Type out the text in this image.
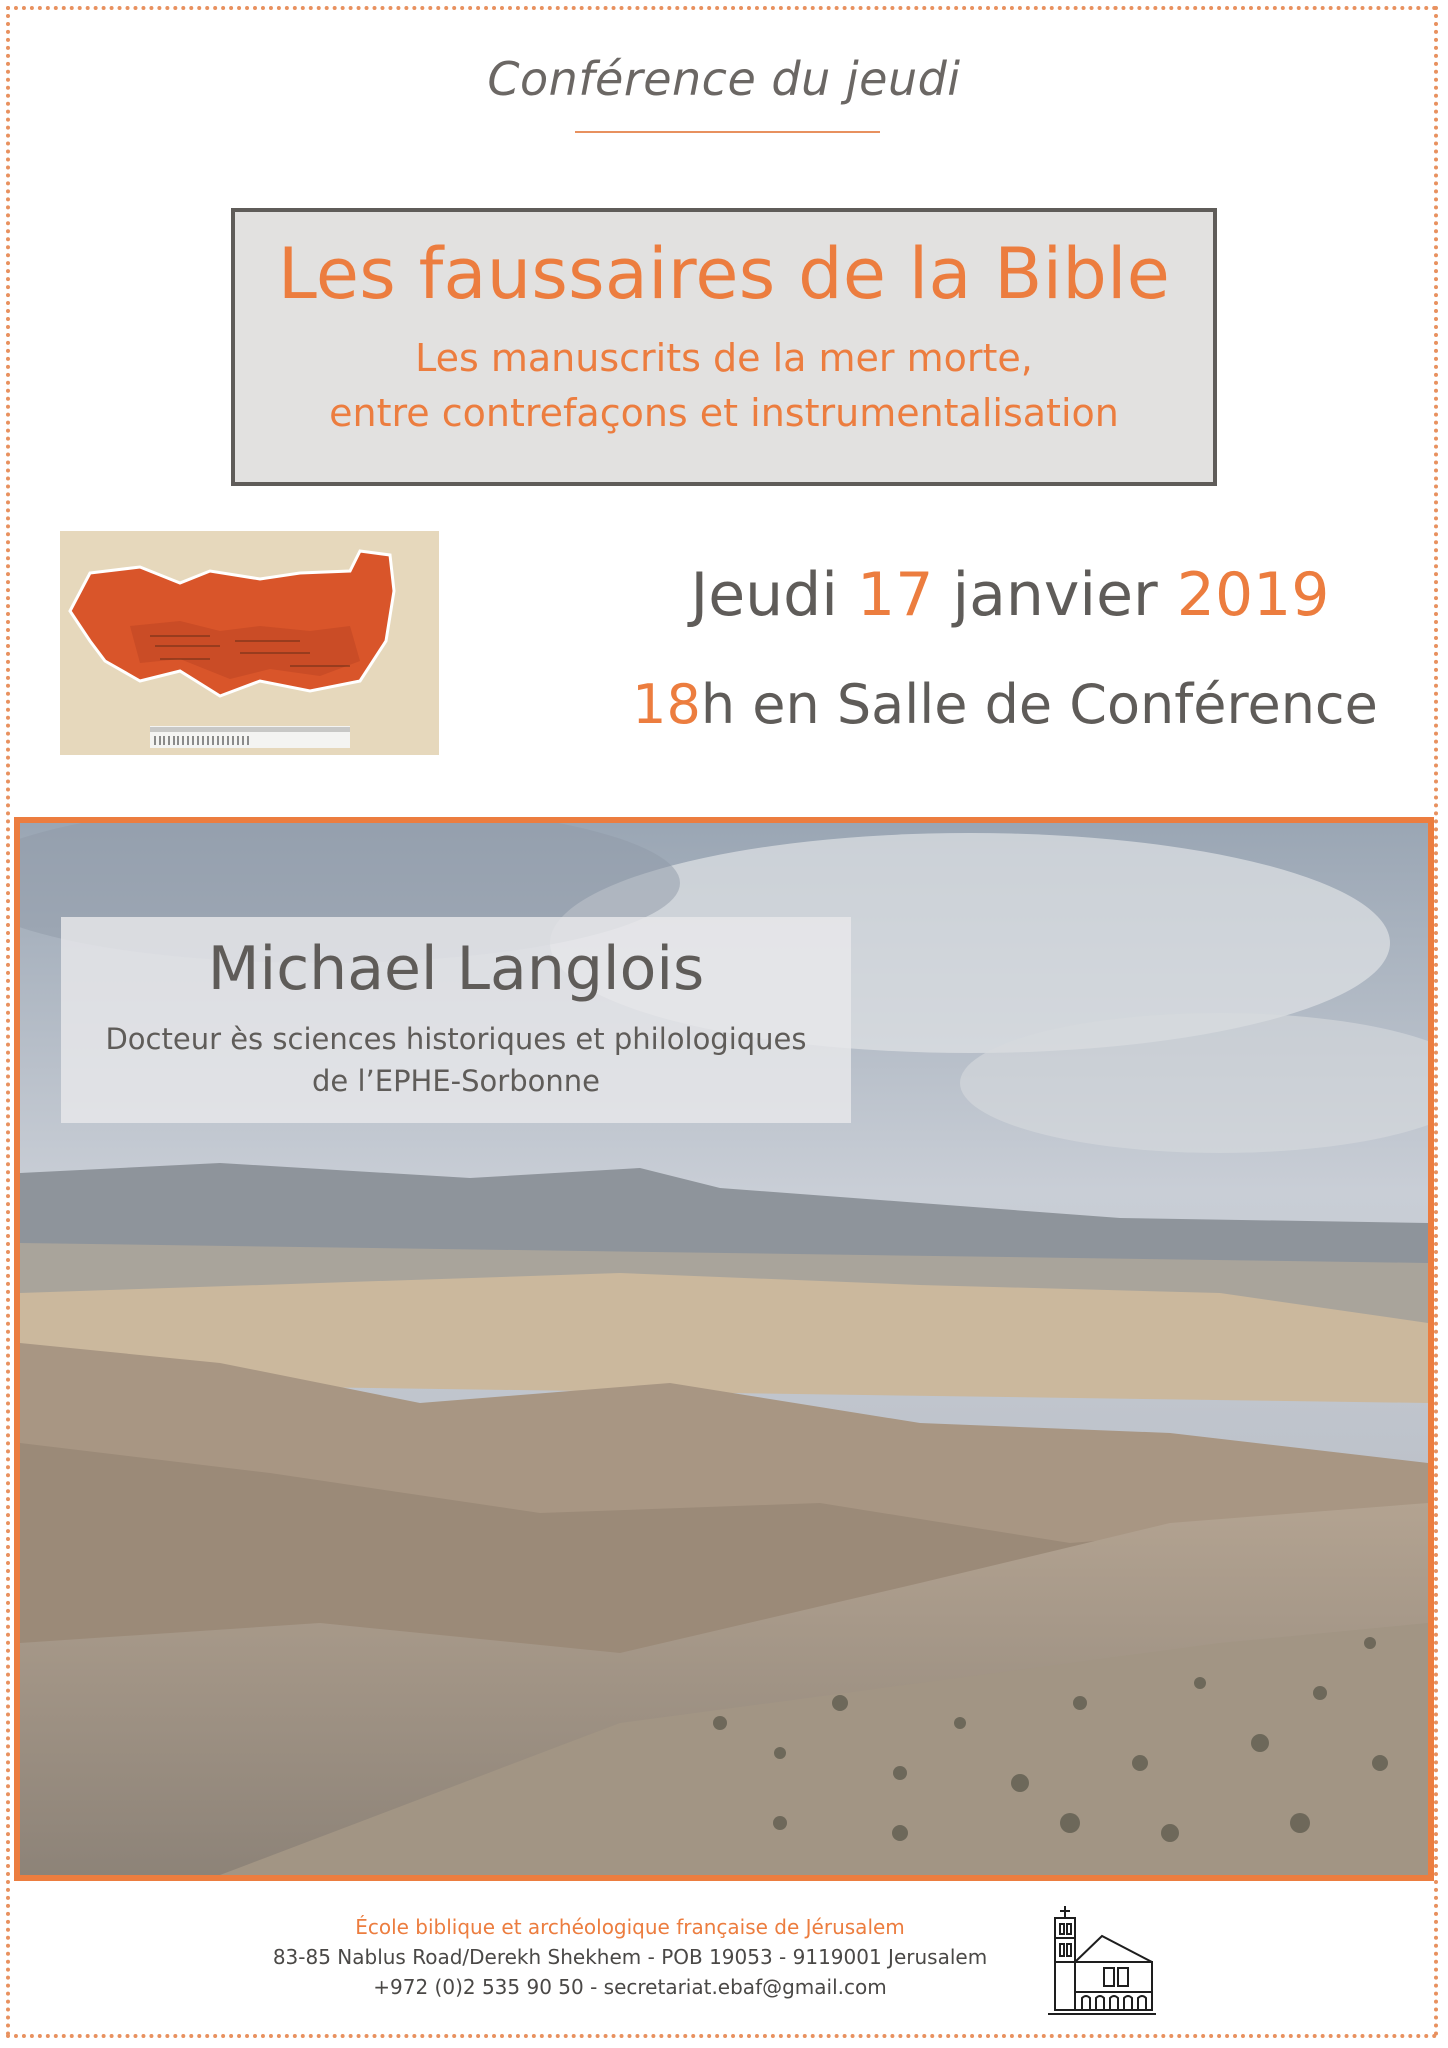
Conférence du jeudi
Les faussaires de la Bible
Les manuscrits de la mer morte,
entre contrefaçons et instrumentalisation
Jeudi 17 janvier 2019
18h en Salle de Conférence
Michael Langlois
Docteur ès sciences historiques et philologiques
de l’EPHE-Sorbonne
École biblique et archéologique française de Jérusalem
83-85 Nablus Road/Derekh Shekhem - POB 19053 - 9119001 Jerusalem
+972 (0)2 535 90 50 - secretariat.ebaf@gmail.com
